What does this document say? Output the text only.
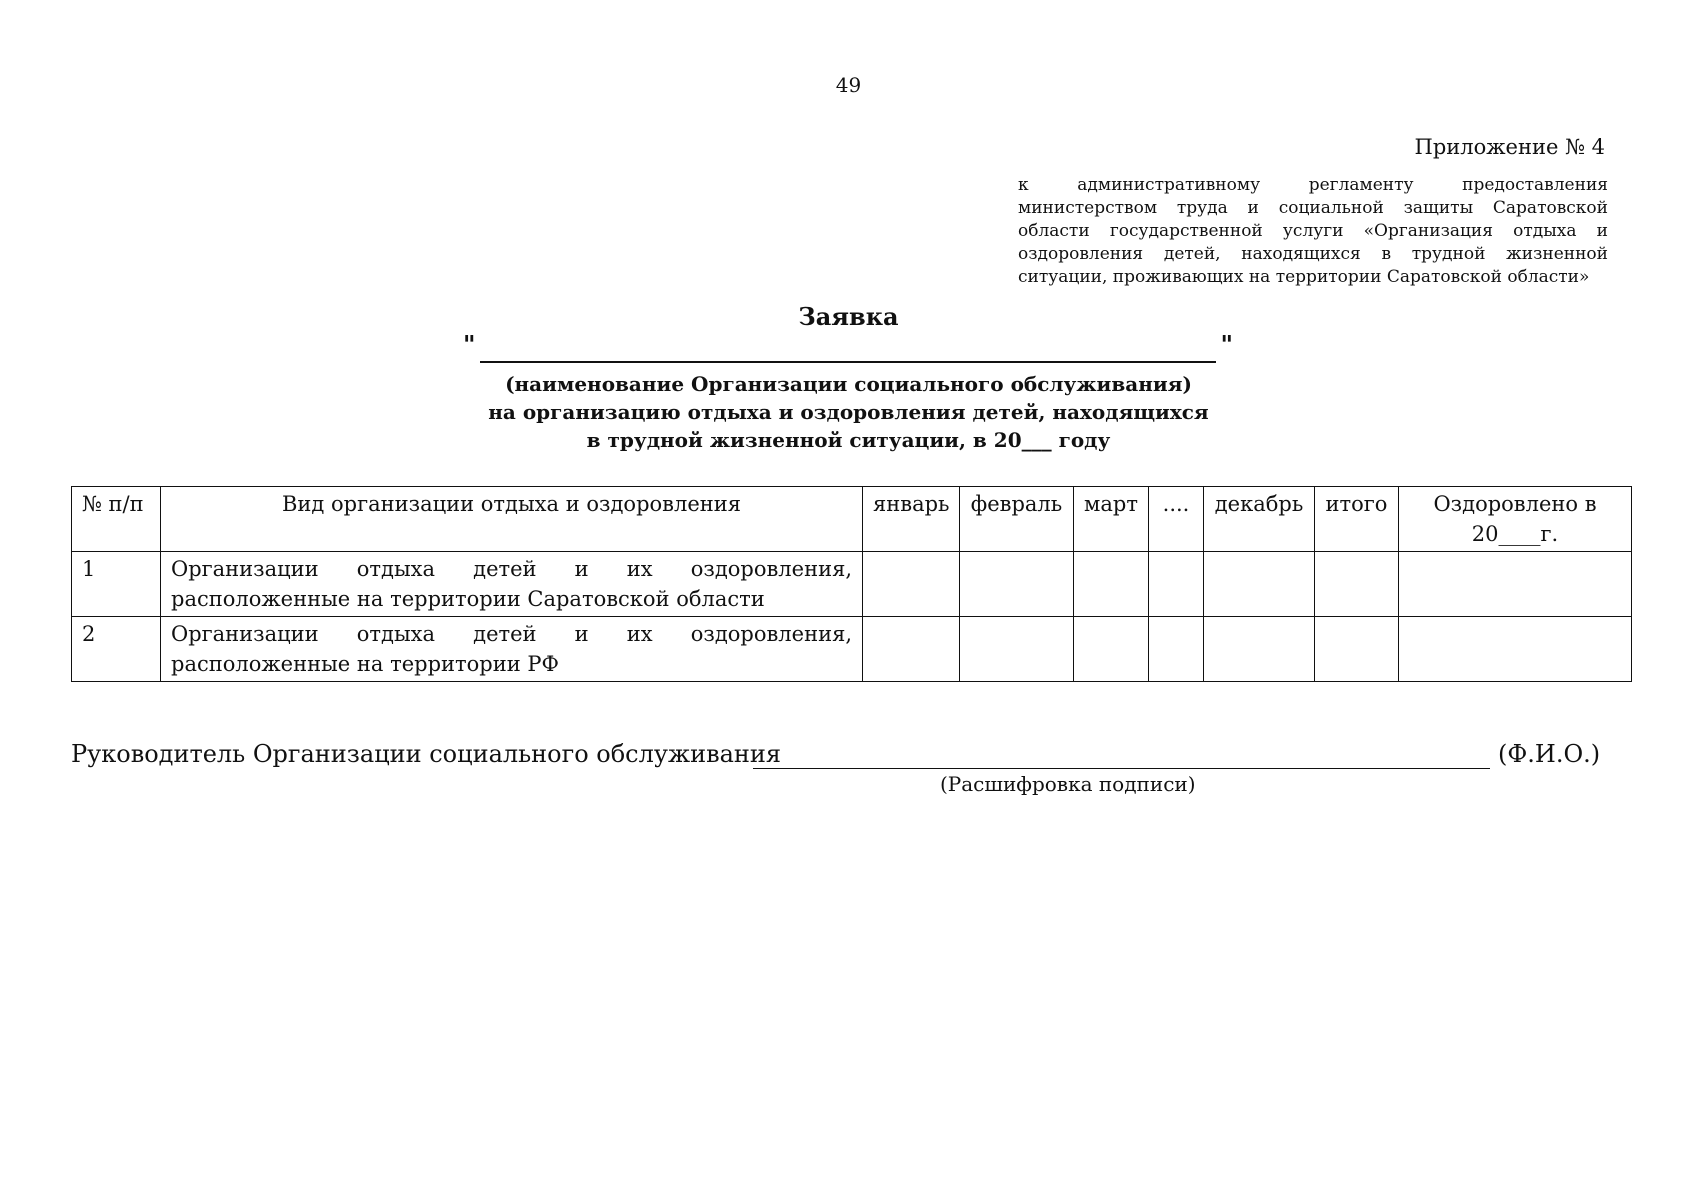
49
Приложение № 4
к административному регламенту предоставления министерством труда и социальной защиты Саратовской области государственной услуги «Организация отдыха и оздоровления детей, находящихся в трудной жизненной ситуации, проживающих на территории Саратовской области»
Заявка
"	"
(наименование Организации социального обслуживания)
на организацию отдыха и оздоровления детей, находящихся
в трудной жизненной ситуации, в 20___ году
№ п/п	Вид организации отдыха и оздоровления	январь	февраль	март	....	декабрь	итого	Оздоровлено в 20____г.
1	Организации отдыха детей и их оздоровления, расположенные на территории Саратовской области							
2	Организации отдыха детей и их оздоровления, расположенные на территории РФ							
Руководитель Организации социального обслуживания	(Ф.И.О.)
(Расшифровка подписи)
